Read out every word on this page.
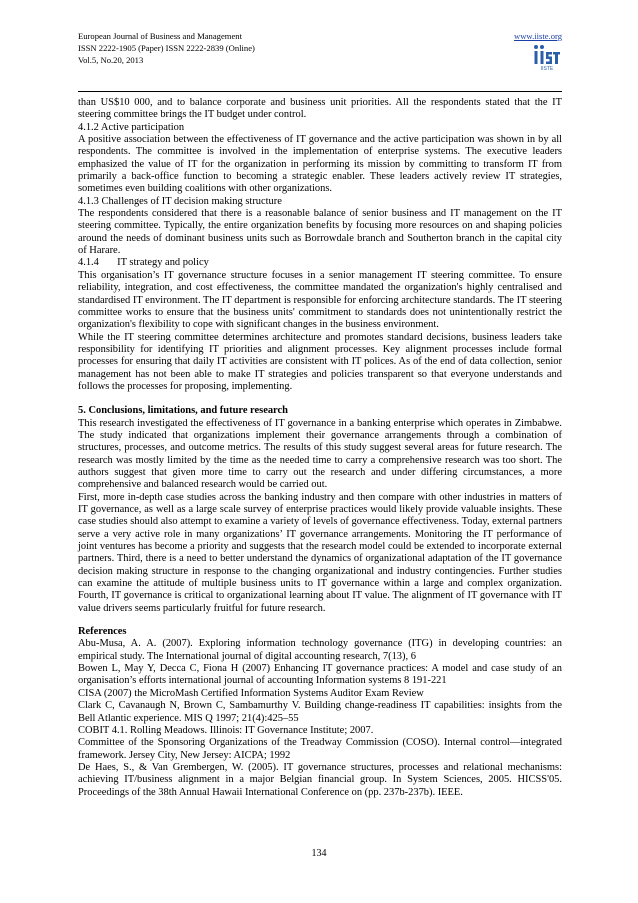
European Journal of Business and Management
ISSN 2222-1905 (Paper) ISSN 2222-2839 (Online)
Vol.5, No.20, 2013
www.iiste.org
IISTE

than US$10 000, and to balance corporate and business unit priorities. All the respondents stated that the IT steering committee brings the IT budget under control.

4.1.2 Active participation

A positive association between the effectiveness of IT governance and the active participation was shown in by all respondents. The committee is involved in the implementation of enterprise systems. The executive leaders emphasized the value of IT for the organization in performing its mission by committing to transform IT from primarily a back-office function to becoming a strategic enabler. These leaders actively review IT strategies, sometimes even building coalitions with other organizations.

4.1.3 Challenges of IT decision making structure

The respondents considered that there is a reasonable balance of senior business and IT management on the IT steering committee. Typically, the entire organization benefits by focusing more resources on and shaping policies around the needs of dominant business units such as Borrowdale branch and Southerton branch in the capital city of Harare.

4.1.4       IT strategy and policy

This organisation’s IT governance structure focuses in a senior management IT steering committee. To ensure reliability, integration, and cost effectiveness, the committee mandated the organization's highly centralised and standardised IT environment. The IT department is responsible for enforcing architecture standards. The IT steering committee works to ensure that the business units' commitment to standards does not unintentionally restrict the organization's flexibility to cope with significant changes in the business environment.

While the IT steering committee determines architecture and promotes standard decisions, business leaders take responsibility for identifying IT priorities and alignment processes. Key alignment processes include formal processes for ensuring that daily IT activities are consistent with IT polices. As of the end of data collection, senior management has not been able to make IT strategies and policies transparent so that everyone understands and follows the processes for proposing, implementing.

5. Conclusions, limitations, and future research

This research investigated the effectiveness of IT governance in a banking enterprise which operates in Zimbabwe. The study indicated that organizations implement their governance arrangements through a combination of structures, processes, and outcome metrics. The results of this study suggest several areas for future research. The research was mostly limited by the time as the needed time to carry a comprehensive research was too short. The authors suggest that given more time to carry out the research and under differing circumstances, a more comprehensive and balanced research would be carried out.

First, more in-depth case studies across the banking industry and then compare with other industries in matters of IT governance, as well as a large scale survey of enterprise practices would likely provide valuable insights. These case studies should also attempt to examine a variety of levels of governance effectiveness. Today, external partners serve a very active role in many organizations’ IT governance arrangements. Monitoring the IT performance of joint ventures has become a priority and suggests that the research model could be extended to incorporate external partners. Third, there is a need to better understand the dynamics of organizational adaptation of the IT governance decision making structure in response to the changing organizational and industry contingencies. Further studies can examine the attitude of multiple business units to IT governance within a large and complex organization. Fourth, IT governance is critical to organizational learning about IT value. The alignment of IT governance with IT value drivers seems particularly fruitful for future research.

References

Abu-Musa, A. A. (2007). Exploring information technology governance (ITG) in developing countries: an empirical study. The International journal of digital accounting research, 7(13), 6

Bowen L, May Y, Decca C, Fiona H (2007) Enhancing IT governance practices: A model and case study of an organisation’s efforts international journal of accounting Information systems 8 191-221

CISA (2007) the MicroMash Certified Information Systems Auditor Exam Review

Clark C, Cavanaugh N, Brown C, Sambamurthy V. Building change-readiness IT capabilities: insights from the Bell Atlantic experience. MIS Q 1997; 21(4):425–55

COBIT 4.1. Rolling Meadows. Illinois: IT Governance Institute; 2007.

Committee of the Sponsoring Organizations of the Treadway Commission (COSO). Internal control—integrated framework. Jersey City, New Jersey: AICPA; 1992

De Haes, S., & Van Grembergen, W. (2005). IT governance structures, processes and relational mechanisms: achieving IT/business alignment in a major Belgian financial group. In System Sciences, 2005. HICSS'05. Proceedings of the 38th Annual Hawaii International Conference on (pp. 237b-237b). IEEE.

134
